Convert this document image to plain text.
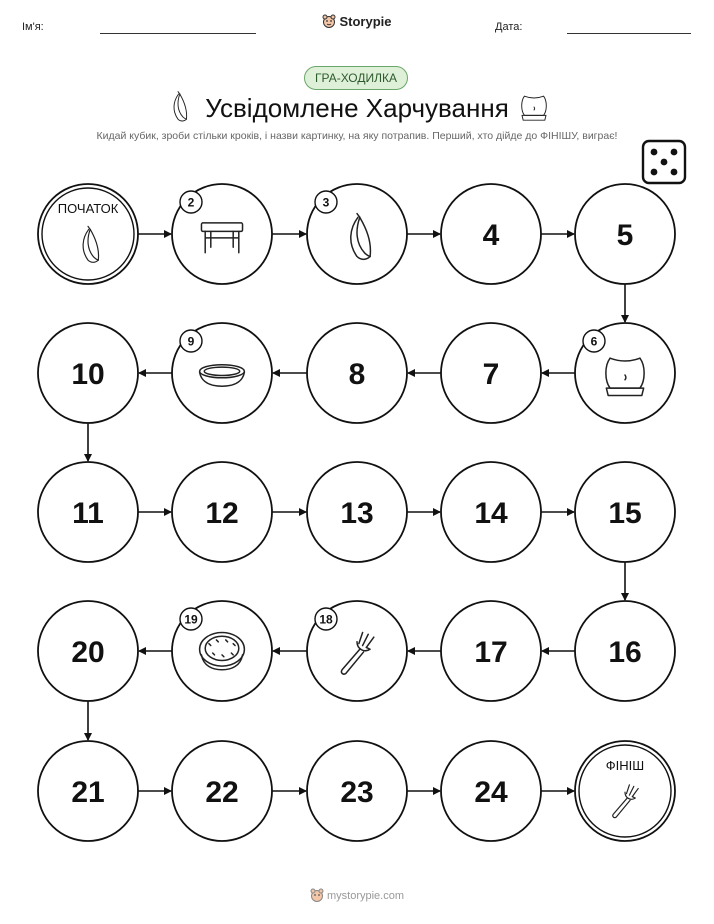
Ім'я:	Storypie	Дата:
ГРА-ХОДИЛКА
Усвідомлене Харчування
Кидай кубик, зроби стільки кроків, і назви картинку, на яку потрапив. Перший, хто дійде до ФІНІШУ, виграє!
ПОЧАТОК	2	3
4	5
6
7
8
9
10
11	12	13	14	15
16
17
18
19
20
21	22	23	24
ФІНІШ
mystorypie.com
